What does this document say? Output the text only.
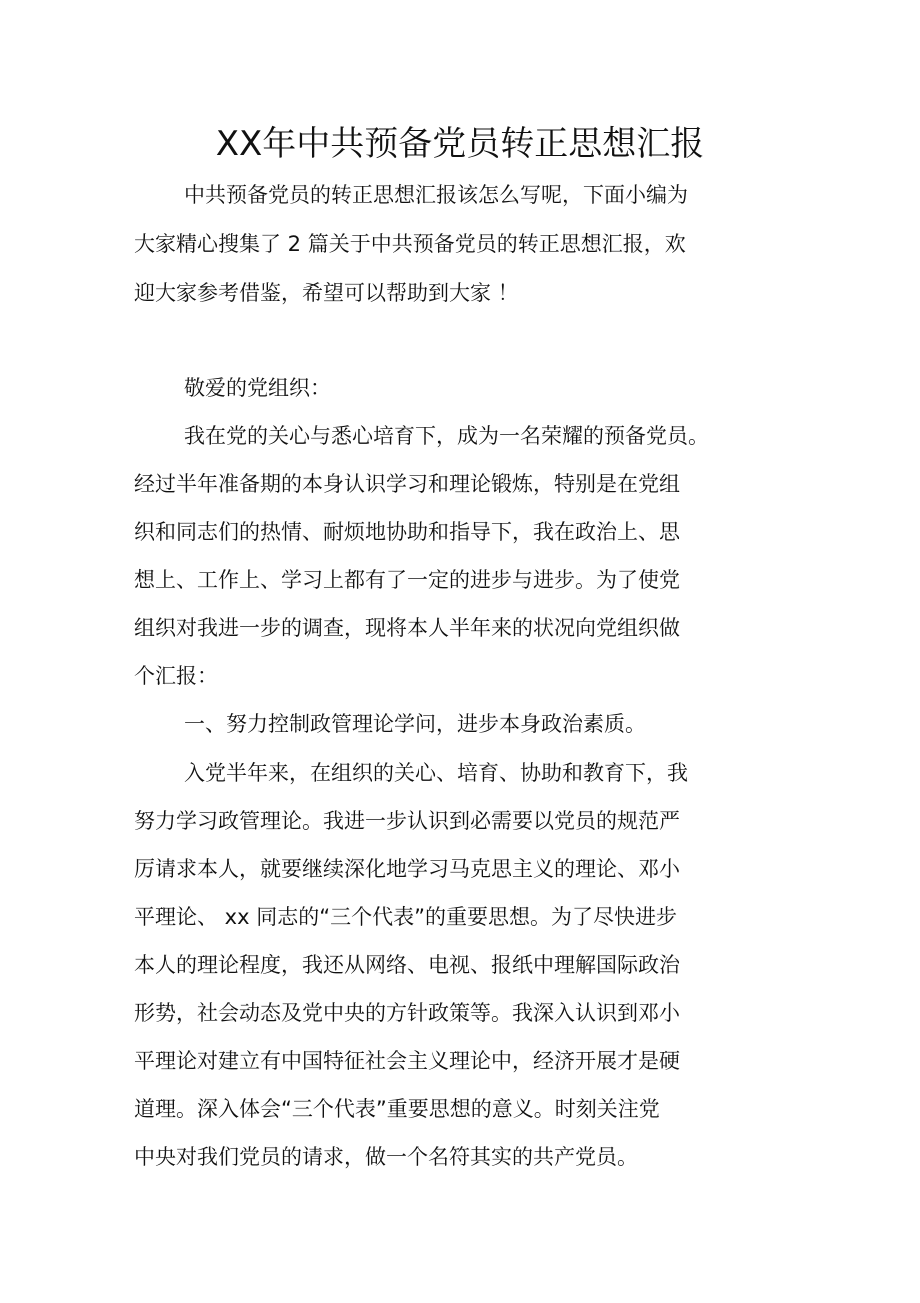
XX年中共预备党员转正思想汇报

中共预备党员的转正思想汇报该怎么写呢，下面小编为

大家精心搜集了 2 篇关于中共预备党员的转正思想汇报，欢

迎大家参考借鉴，希望可以帮助到大家 ！

敬爱的党组织：

我在党的关心与悉心培育下，成为一名荣耀的预备党员。

经过半年准备期的本身认识学习和理论锻炼，特别是在党组

织和同志们的热情、耐烦地协助和指导下，我在政治上、思

想上、工作上、学习上都有了一定的进步与进步。为了使党

组织对我进一步的调查，现将本人半年来的状况向党组织做

个汇报：

一、努力控制政管理论学问，进步本身政治素质。

入党半年来，在组织的关心、培育、协助和教育下，我

努力学习政管理论。我进一步认识到必需要以党员的规范严

厉请求本人，就要继续深化地学习马克思主义的理论、邓小

平理论、 xx 同志的“三个代表”的重要思想。为了尽快进步

本人的理论程度，我还从网络、电视、报纸中理解国际政治

形势，社会动态及党中央的方针政策等。我深入认识到邓小

平理论对建立有中国特征社会主义理论中，经济开展才是硬

道理。深入体会“三个代表”重要思想的意义。时刻关注党

中央对我们党员的请求，做一个名符其实的共产党员。
